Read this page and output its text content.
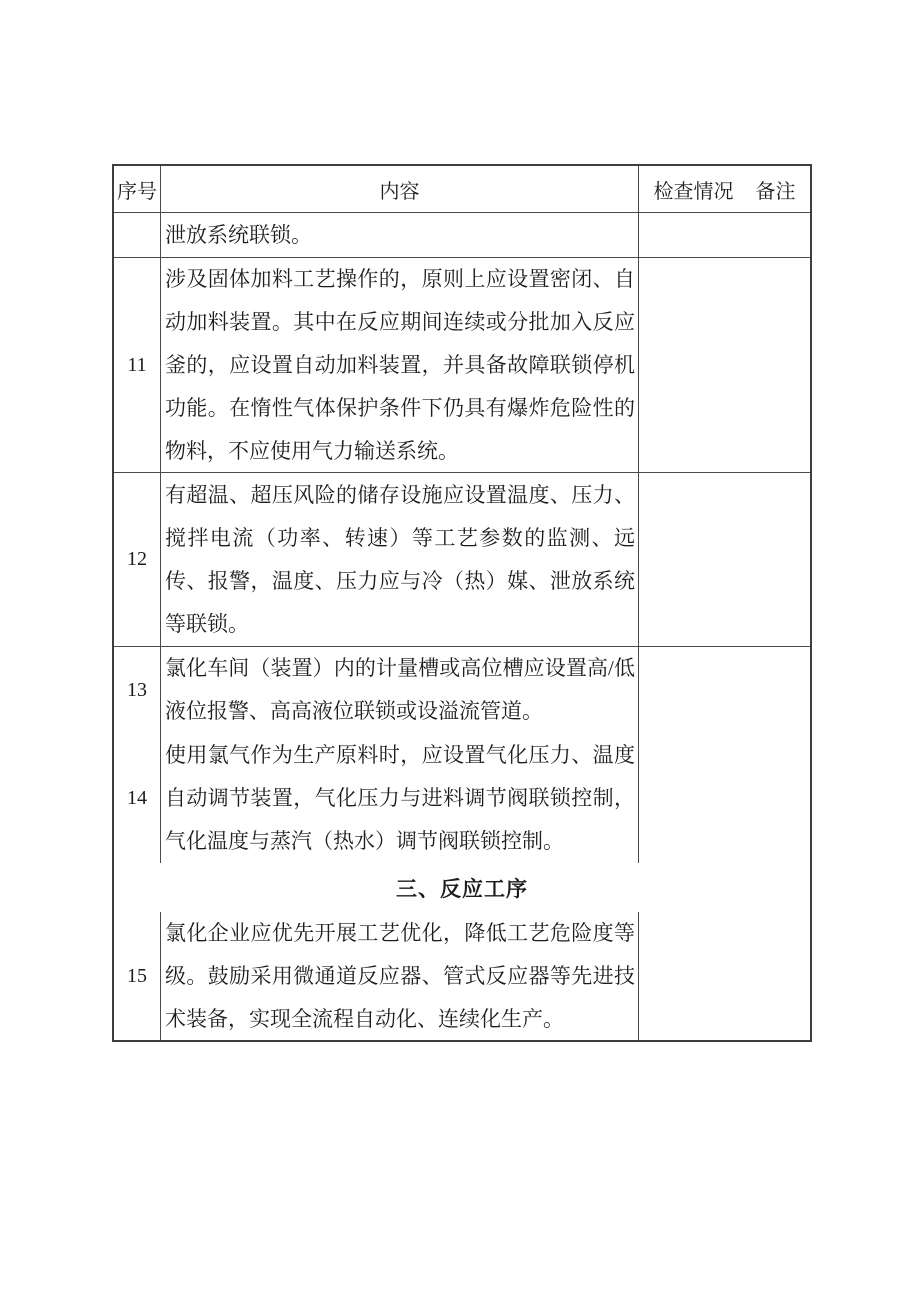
序号	内容	检查情况 备注
泄放系统联锁。
11
涉及固体加料工艺操作的，原则上应设置密闭、自动加料装置。其中在反应期间连续或分批加入反应釜的，应设置自动加料装置，并具备故障联锁停机功能。在惰性气体保护条件下仍具有爆炸危险性的物料，不应使用气力输送系统。
12
有超温、超压风险的储存设施应设置温度、压力、搅拌电流（功率、转速）等工艺参数的监测、远传、报警，温度、压力应与冷（热）媒、泄放系统等联锁。
13
氯化车间（装置）内的计量槽或高位槽应设置高/低液位报警、高高液位联锁或设溢流管道。
14
使用氯气作为生产原料时，应设置气化压力、温度自动调节装置，气化压力与进料调节阀联锁控制，气化温度与蒸汽（热水）调节阀联锁控制。
三、反应工序
15
氯化企业应优先开展工艺优化，降低工艺危险度等级。鼓励采用微通道反应器、管式反应器等先进技术装备，实现全流程自动化、连续化生产。
